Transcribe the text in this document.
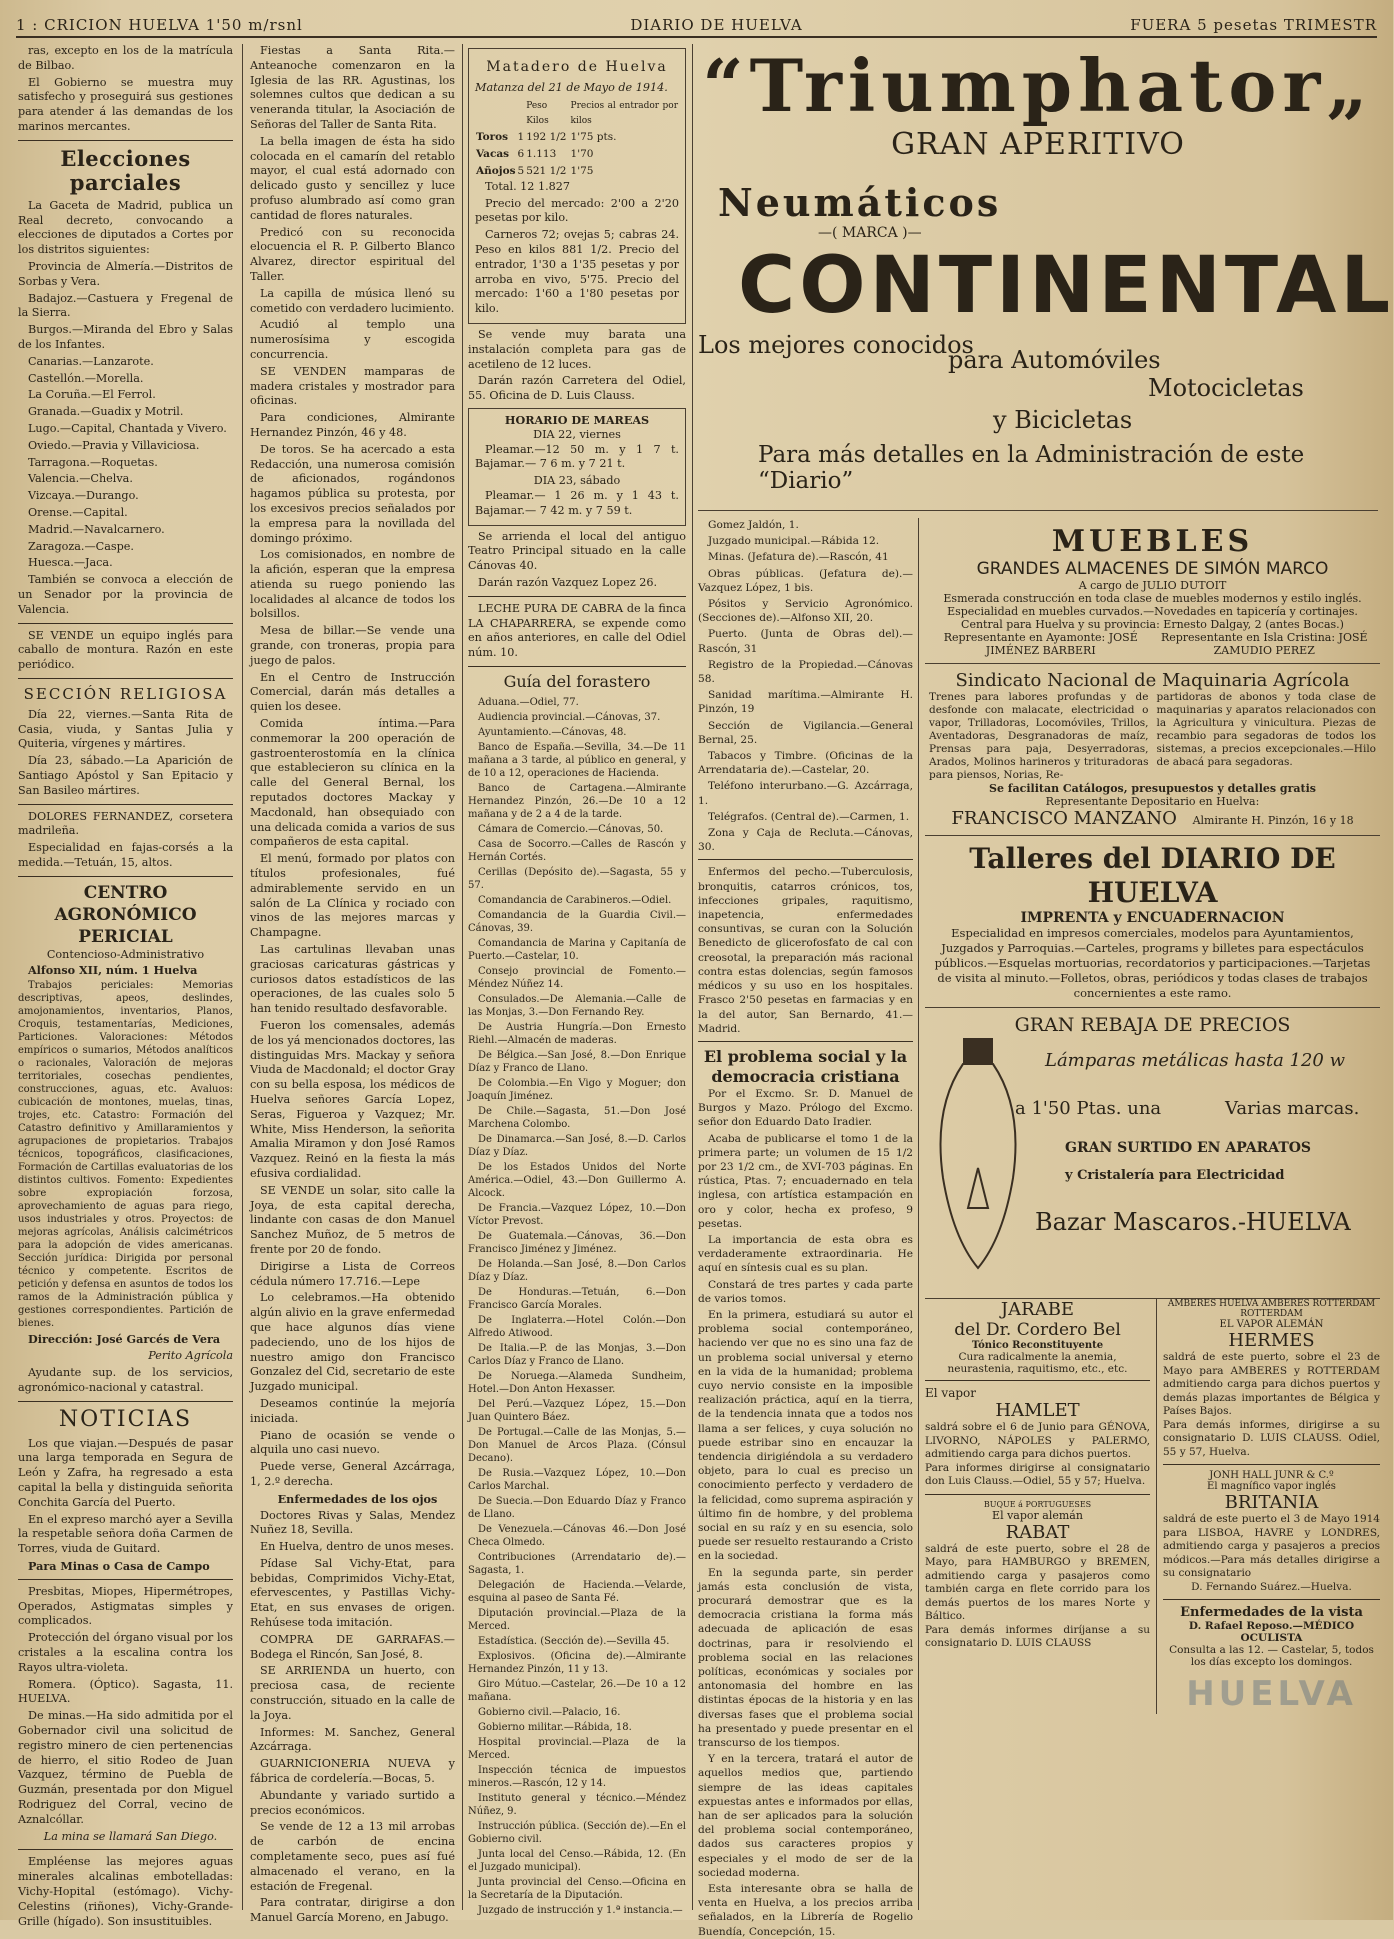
1 : CRICION HUELVA 1'50 m/rsnl	DIARIO DE HUELVA	FUERA 5 pesetas TRIMESTR

ras, excepto en los de la matrícula de Bilbao.

El Gobierno se muestra muy satisfecho y proseguirá sus gestiones para atender á las demandas de los marinos mercantes.

Elecciones parciales

La Gaceta de Madrid, publica un Real decreto, convocando a elecciones de diputados a Cortes por los distritos siguientes:

Provincia de Almería.—Distritos de Sorbas y Vera.

Badajoz.—Castuera y Fregenal de la Sierra.

Burgos.—Miranda del Ebro y Salas de los Infantes.

Canarias.—Lanzarote.

Castellón.—Morella.

La Coruña.—El Ferrol.

Granada.—Guadix y Motril.

Lugo.—Capital, Chantada y Vivero.

Oviedo.—Pravia y Villaviciosa.

Tarragona.—Roquetas.

Valencia.—Chelva.

Vizcaya.—Durango.

Orense.—Capital.

Madrid.—Navalcarnero.

Zaragoza.—Caspe.

Huesca.—Jaca.

También se convoca a elección de un Senador por la provincia de Valencia.

SE VENDE un equipo inglés para caballo de montura. Razón en este periódico.

SECCIÓN RELIGIOSA

Día 22, viernes.—Santa Rita de Casia, viuda, y Santas Julia y Quiteria, vírgenes y mártires.

Día 23, sábado.—La Aparición de Santiago Apóstol y San Epitacio y San Basileo mártires.

DOLORES FERNANDEZ, corsetera madrileña.

Especialidad en fajas-corsés a la medida.—Tetuán, 15, altos.

CENTRO AGRONÓMICO PERICIAL
Contencioso-Administrativo

Alfonso XII, núm. 1 Huelva

Trabajos periciales: Memorias descriptivas, apeos, deslindes, amojonamientos, inventarios, Planos, Croquis, testamentarías, Mediciones, Particiones. Valoraciones: Métodos empíricos o sumarios, Métodos analíticos o racionales, Valoración de mejoras territoriales, cosechas pendientes, construcciones, aguas, etc. Avaluos: cubicación de montones, muelas, tinas, trojes, etc. Catastro: Formación del Catastro definitivo y Amillaramientos y agrupaciones de propietarios. Trabajos técnicos, topográficos, clasificaciones, Formación de Cartillas evaluatorias de los distintos cultivos. Fomento: Expedientes sobre expropiación forzosa, aprovechamiento de aguas para riego, usos industriales y otros. Proyectos: de mejoras agrícolas, Análisis calcimétricos para la adopción de vides americanas. Sección jurídica: Dirigida por personal técnico y competente. Escritos de petición y defensa en asuntos de todos los ramos de la Administración pública y gestiones correspondientes. Partición de bienes.

Dirección: José Garcés de Vera

Perito Agrícola

Ayudante sup. de los servicios, agronómico-nacional y catastral.

NOTICIAS

Los que viajan.—Después de pasar una larga temporada en Segura de León y Zafra, ha regresado a esta capital la bella y distinguida señorita Conchita García del Puerto.

En el expreso marchó ayer a Sevilla la respetable señora doña Carmen de Torres, viuda de Guitard.

Para Minas o Casa de Campo

Presbitas, Miopes, Hipermétropes, Operados, Astigmatas simples y complicados.

Protección del órgano visual por los cristales a la escalina contra los Rayos ultra-violeta.

Romera. (Óptico). Sagasta, 11. HUELVA.

De minas.—Ha sido admitida por el Gobernador civil una solicitud de registro minero de cien pertenencias de hierro, el sitio Rodeo de Juan Vazquez, término de Puebla de Guzmán, presentada por don Miguel Rodriguez del Corral, vecino de Aznalcóllar.

La mina se llamará San Diego.

Empléense las mejores aguas minerales alcalinas embotelladas: Vichy-Hopital (estómago). Vichy-Celestins (riñones), Vichy-Grande-Grille (hígado). Son insustituibles.

Fiestas a Santa Rita.—Anteanoche comenzaron en la Iglesia de las RR. Agustinas, los solemnes cultos que dedican a su veneranda titular, la Asociación de Señoras del Taller de Santa Rita.

La bella imagen de ésta ha sido colocada en el camarín del retablo mayor, el cual está adornado con delicado gusto y sencillez y luce profuso alumbrado así como gran cantidad de flores naturales.

Predicó con su reconocida elocuencia el R. P. Gilberto Blanco Alvarez, director espiritual del Taller.

La capilla de música llenó su cometido con verdadero lucimiento.

Acudió al templo una numerosísima y escogida concurrencia.

SE VENDEN mamparas de madera cristales y mostrador para oficinas.

Para condiciones, Almirante Hernandez Pinzón, 46 y 48.

De toros. Se ha acercado a esta Redacción, una numerosa comisión de aficionados, rogándonos hagamos pública su protesta, por los excesivos precios señalados por la empresa para la novillada del domingo próximo.

Los comisionados, en nombre de la afición, esperan que la empresa atienda su ruego poniendo las localidades al alcance de todos los bolsillos.

Mesa de billar.—Se vende una grande, con troneras, propia para juego de palos.

En el Centro de Instrucción Comercial, darán más detalles a quien los desee.

Comida íntima.—Para conmemorar la 200 operación de gastroenterostomía en la clínica que establecieron su clínica en la calle del General Bernal, los reputados doctores Mackay y Macdonald, han obsequiado con una delicada comida a varios de sus compañeros de esta capital.

El menú, formado por platos con títulos profesionales, fué admirablemente servido en un salón de La Clínica y rociado con vinos de las mejores marcas y Champagne.

Las cartulinas llevaban unas graciosas caricaturas gástricas y curiosos datos estadísticos de las operaciones, de las cuales solo 5 han tenido resultado desfavorable.

Fueron los comensales, además de los yá mencionados doctores, las distinguidas Mrs. Mackay y señora Viuda de Macdonald; el doctor Gray con su bella esposa, los médicos de Huelva señores García Lopez, Seras, Figueroa y Vazquez; Mr. White, Miss Henderson, la señorita Amalia Miramon y don José Ramos Vazquez. Reinó en la fiesta la más efusiva cordialidad.

SE VENDE un solar, sito calle la Joya, de esta capital derecha, lindante con casas de don Manuel Sanchez Muñoz, de 5 metros de frente por 20 de fondo.

Dirigirse a Lista de Correos cédula número 17.716.—Lepe

Lo celebramos.—Ha obtenido algún alivio en la grave enfermedad que hace algunos días viene padeciendo, uno de los hijos de nuestro amigo don Francisco Gonzalez del Cid, secretario de este Juzgado municipal.

Deseamos continúe la mejoría iniciada.

Piano de ocasión se vende o alquila uno casi nuevo.

Puede verse, General Azcárraga, 1, 2.º derecha.

Enfermedades de los ojos

Doctores Rivas y Salas, Mendez Nuñez 18, Sevilla.

En Huelva, dentro de unos meses.

Pídase Sal Vichy-Etat, para bebidas, Comprimidos Vichy-Etat, efervescentes, y Pastillas Vichy-Etat, en sus envases de origen. Rehúsese toda imitación.

COMPRA DE GARRAFAS.—Bodega el Rincón, San José, 8.

SE ARRIENDA un huerto, con preciosa casa, de reciente construcción, situado en la calle de la Joya.

Informes: M. Sanchez, General Azcárraga.

GUARNICIONERIA NUEVA y fábrica de cordelería.—Bocas, 5.

Abundante y variado surtido a precios económicos.

Se vende de 12 a 13 mil arrobas de carbón de encina completamente seco, pues así fué almacenado el verano, en la estación de Fregenal.

Para contratar, dirigirse a don Manuel García Moreno, en Jabugo.

Matadero de Huelva

Matanza del 21 de Mayo de 1914.

		Peso Kilos	Precios al entrador por kilos
Toros	1	192 1/2	1'75 pts.
Vacas	6	1.113	1'70
Añojos	5	521 1/2	1'75

Total. 12 1.827

Precio del mercado: 2'00 a 2'20 pesetas por kilo.

Carneros 72; ovejas 5; cabras 24. Peso en kilos 881 1/2. Precio del entrador, 1'30 a 1'35 pesetas y por arroba en vivo, 5'75. Precio del mercado: 1'60 a 1'80 pesetas por kilo.

Se vende muy barata una instalación completa para gas de acetileno de 12 luces.

Darán razón Carretera del Odiel, 55. Oficina de D. Luis Clauss.

HORARIO DE MAREAS
DIA 22, viernes

Pleamar.—12 50 m. y 1 7 t. Bajamar.— 7 6 m. y 7 21 t.

DIA 23, sábado

Pleamar.— 1 26 m. y 1 43 t. Bajamar.— 7 42 m. y 7 59 t.

Se arrienda el local del antiguo Teatro Principal situado en la calle Cánovas 40.

Darán razón Vazquez Lopez 26.

LECHE PURA DE CABRA de la finca LA CHAPARRERA, se expende como en años anteriores, en calle del Odiel núm. 10.

Guía del forastero

Aduana.—Odiel, 77.

Audiencia provincial.—Cánovas, 37.

Ayuntamiento.—Cánovas, 48.

Banco de España.—Sevilla, 34.—De 11 mañana a 3 tarde, al público en general, y de 10 a 12, operaciones de Hacienda.

Banco de Cartagena.—Almirante Hernandez Pinzón, 26.—De 10 a 12 mañana y de 2 a 4 de la tarde.

Cámara de Comercio.—Cánovas, 50.

Casa de Socorro.—Calles de Rascón y Hernán Cortés.

Cerillas (Depósito de).—Sagasta, 55 y 57.

Comandancia de Carabineros.—Odiel.

Comandancia de la Guardia Civil.—Cánovas, 39.

Comandancia de Marina y Capitanía de Puerto.—Castelar, 10.

Consejo provincial de Fomento.—Méndez Núñez 14.

Consulados.—De Alemania.—Calle de las Monjas, 3.—Don Fernando Rey.

De Austria Hungría.—Don Ernesto Riehl.—Almacén de maderas.

De Bélgica.—San José, 8.—Don Enrique Díaz y Franco de Llano.

De Colombia.—En Vigo y Moguer; don Joaquín Jiménez.

De Chile.—Sagasta, 51.—Don José Marchena Colombo.

De Dinamarca.—San José, 8.—D. Carlos Díaz y Díaz.

De los Estados Unidos del Norte América.—Odiel, 43.—Don Guillermo A. Alcock.

De Francia.—Vazquez López, 10.—Don Víctor Prevost.

De Guatemala.—Cánovas, 36.—Don Francisco Jiménez y Jiménez.

De Holanda.—San José, 8.—Don Carlos Díaz y Díaz.

De Honduras.—Tetuán, 6.—Don Francisco García Morales.

De Inglaterra.—Hotel Colón.—Don Alfredo Atiwood.

De Italia.—P. de las Monjas, 3.—Don Carlos Díaz y Franco de Llano.

De Noruega.—Alameda Sundheim, Hotel.—Don Anton Hexasser.

Del Perú.—Vazquez López, 15.—Don Juan Quintero Báez.

De Portugal.—Calle de las Monjas, 5.—Don Manuel de Arcos Plaza. (Cónsul Decano).

De Rusia.—Vazquez López, 10.—Don Carlos Marchal.

De Suecia.—Don Eduardo Díaz y Franco de Llano.

De Venezuela.—Cánovas 46.—Don José Checa Olmedo.

Contribuciones (Arrendatario de).—Sagasta, 1.

Delegación de Hacienda.—Velarde, esquina al paseo de Santa Fé.

Diputación provincial.—Plaza de la Merced.

Estadística. (Sección de).—Sevilla 45.

Explosivos. (Oficina de).—Almirante Hernandez Pinzón, 11 y 13.

Giro Mútuo.—Castelar, 26.—De 10 a 12 mañana.

Gobierno civil.—Palacio, 16.

Gobierno militar.—Rábida, 18.

Hospital provincial.—Plaza de la Merced.

Inspección técnica de impuestos mineros.—Rascón, 12 y 14.

Instituto general y técnico.—Méndez Núñez, 9.

Instrucción pública. (Sección de).—En el Gobierno civil.

Junta local del Censo.—Rábida, 12. (En el Juzgado municipal).

Junta provincial del Censo.—Oficina en la Secretaría de la Diputación.

Juzgado de instrucción y 1.ª instancia.—

“Triumphator„
GRAN APERITIVO
Neumáticos
—( MARCA )—
CONTINENTAL
Los mejores conocidos
para Automóviles
Motocicletas
y Bicicletas
Para más detalles en la Administración de este “Diario”

Gomez Jaldón, 1.

Juzgado municipal.—Rábida 12.

Minas. (Jefatura de).—Rascón, 41

Obras públicas. (Jefatura de).—Vazquez López, 1 bis.

Pósitos y Servicio Agronómico. (Secciones de).—Alfonso XII, 20.

Puerto. (Junta de Obras del).—Rascón, 31

Registro de la Propiedad.—Cánovas 58.

Sanidad marítima.—Almirante H. Pinzón, 19

Sección de Vigilancia.—General Bernal, 25.

Tabacos y Timbre. (Oficinas de la Arrendataria de).—Castelar, 20.

Teléfono interurbano.—G. Azcárraga, 1.

Telégrafos. (Central de).—Carmen, 1.

Zona y Caja de Recluta.—Cánovas, 30.

Enfermos del pecho.—Tuberculosis, bronquitis, catarros crónicos, tos, infecciones gripales, raquitismo, inapetencia, enfermedades consuntivas, se curan con la Solución Benedicto de glicerofosfato de cal con creosotal, la preparación más racional contra estas dolencias, según famosos médicos y su uso en los hospitales. Frasco 2'50 pesetas en farmacias y en la del autor, San Bernardo, 41.—Madrid.

El problema social y la democracia cristiana

Por el Excmo. Sr. D. Manuel de Burgos y Mazo. Prólogo del Excmo. señor don Eduardo Dato Iradier.

Acaba de publicarse el tomo 1 de la primera parte; un volumen de 15 1/2 por 23 1/2 cm., de XVI-703 páginas. En rústica, Ptas. 7; encuadernado en tela inglesa, con artística estampación en oro y color, hecha ex profeso, 9 pesetas.

La importancia de esta obra es verdaderamente extraordinaria. He aquí en síntesis cual es su plan.

Constará de tres partes y cada parte de varios tomos.

En la primera, estudiará su autor el problema social contemporáneo, haciendo ver que no es sino una faz de un problema social universal y eterno en la vida de la humanidad; problema cuyo nervio consiste en la imposible realización práctica, aquí en la tierra, de la tendencia innata que a todos nos llama a ser felices, y cuya solución no puede estribar sino en encauzar la tendencia dirigiéndola a su verdadero objeto, para lo cual es preciso un conocimiento perfecto y verdadero de la felicidad, como suprema aspiración y último fin de hombre, y del problema social en su raíz y en su esencia, solo puede ser resuelto restaurando a Cristo en la sociedad.

En la segunda parte, sin perder jamás esta conclusión de vista, procurará demostrar que es la democracia cristiana la forma más adecuada de aplicación de esas doctrinas, para ir resolviendo el problema social en las relaciones políticas, económicas y sociales por antonomasia del hombre en las distintas épocas de la historia y en las diversas fases que el problema social ha presentado y puede presentar en el transcurso de los tiempos.

Y en la tercera, tratará el autor de aquellos medios que, partiendo siempre de las ideas capitales expuestas antes e informados por ellas, han de ser aplicados para la solución del problema social contemporáneo, dados sus caracteres propios y especiales y el modo de ser de la sociedad moderna.

Esta interesante obra se halla de venta en Huelva, a los precios arriba señalados, en la Librería de Rogelio Buendía, Concepción, 15.

MUEBLES
GRANDES ALMACENES DE SIMÓN MARCO
A cargo de JULIO DUTOIT
Esmerada construcción en toda clase de muebles modernos y estilo inglés. Especialidad en muebles curvados.—Novedades en tapicería y cortinajes.
Central para Huelva y su provincia: Ernesto Dalgay, 2 (antes Bocas.)
Representante en Ayamonte: JOSÉ JIMÉNEZ BARBERI
Representante en Isla Cristina: JOSÉ ZAMUDIO PEREZ
Sindicato Nacional de Maquinaria Agrícola
Trenes para labores profundas y de desfonde con malacate, electricidad o vapor, Trilladoras, Locomóviles, Trillos, Aventadoras, Desgranadoras de maíz, Prensas para paja, Desyerradoras, Arados, Molinos harineros y trituradoras para piensos, Norias, Re-
partidoras de abonos y toda clase de maquinarias y aparatos relacionados con la Agricultura y vinicultura. Piezas de recambio para segadoras de todos los sistemas, a precios excepcionales.—Hilo de abacá para segadoras.
Se facilitan Catálogos, presupuestos y detalles gratis
Representante Depositario en Huelva:
FRANCISCO MANZANO Almirante H. Pinzón, 16 y 18
Talleres del DIARIO DE HUELVA
IMPRENTA y ENCUADERNACION
Especialidad en impresos comerciales, modelos para Ayuntamientos, Juzgados y Parroquias.—Carteles, programs y billetes para espectáculos públicos.—Esquelas mortuorias, recordatorios y participaciones.—Tarjetas de visita al minuto.—Folletos, obras, periódicos y todas clases de trabajos concernientes a este ramo.
GRAN REBAJA DE PRECIOS
Lámparas metálicas hasta 120 w
a 1'50 Ptas. una	Varias marcas.
GRAN SURTIDO EN APARATOS
y Cristalería para Electricidad
Bazar Mascaros.-HUELVA
JARABE
del Dr. Cordero Bel
Tónico Reconstituyente
Cura radicalmente la anemia, neurastenia, raquitismo, etc., etc.
El vapor
HAMLET
saldrá sobre el 6 de Junio para GÉNOVA, LIVORNO, NÁPOLES y PALERMO, admitiendo carga para dichos puertos.
Para informes dirigirse al consignatario don Luis Clauss.—Odiel, 55 y 57; Huelva.
BUQUE á PORTUGUESES
El vapor alemán
RABAT
saldrá de este puerto, sobre el 28 de Mayo, para HAMBURGO y BREMEN, admitiendo carga y pasajeros como también carga en flete corrido para los demás puertos de los mares Norte y Báltico.
Para demás informes diríjanse a su consignatario D. LUIS CLAUSS
AMBERES HUELVA AMBERES ROTTERDAM ROTTERDAM
EL VAPOR ALEMÁN
HERMES
saldrá de este puerto, sobre el 23 de Mayo para AMBERES y ROTTERDAM admitiendo carga para dichos puertos y demás plazas importantes de Bélgica y Países Bajos.
Para demás informes, dirigirse a su consignatario D. LUIS CLAUSS. Odiel, 55 y 57, Huelva.
JONH HALL JUNR & C.º
El magnífico vapor inglés
BRITANIA
saldrá de este puerto el 3 de Mayo 1914 para LISBOA, HAVRE y LONDRES, admitiendo carga y pasajeros a precios módicos.—Para más detalles dirigirse a su consignatario
D. Fernando Suárez.—Huelva.
Enfermedades de la vista
D. Rafael Reposo.—MÉDICO OCULISTA
Consulta a las 12. — Castelar, 5, todos los días excepto los domingos.
HUELVA
